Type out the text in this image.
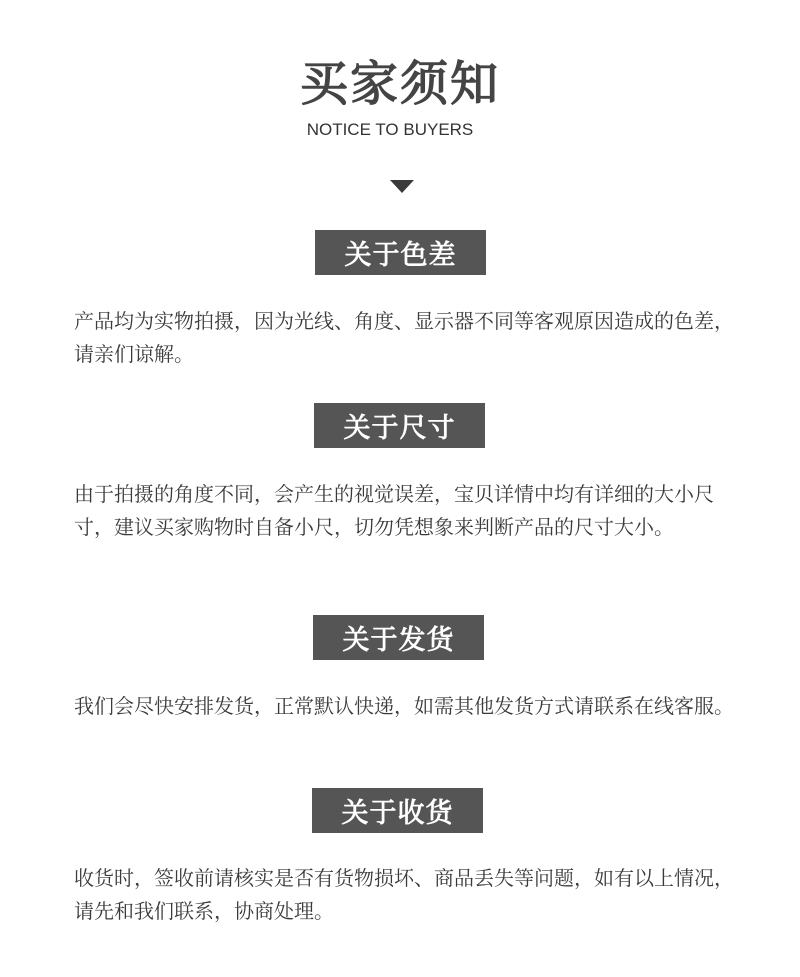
买家须知
NOTICE TO BUYERS
关于色差

产品均为实物拍摄，因为光线、角度、显示器不同等客观原因造成的色差，请亲们谅解。

关于尺寸

由于拍摄的角度不同，会产生的视觉误差，宝贝详情中均有详细的大小尺寸，建议买家购物时自备小尺，切勿凭想象来判断产品的尺寸大小。

关于发货

我们会尽快安排发货，正常默认快递，如需其他发货方式请联系在线客服。

关于收货

收货时，签收前请核实是否有货物损坏、商品丢失等问题，如有以上情况，请先和我们联系，协商处理。
